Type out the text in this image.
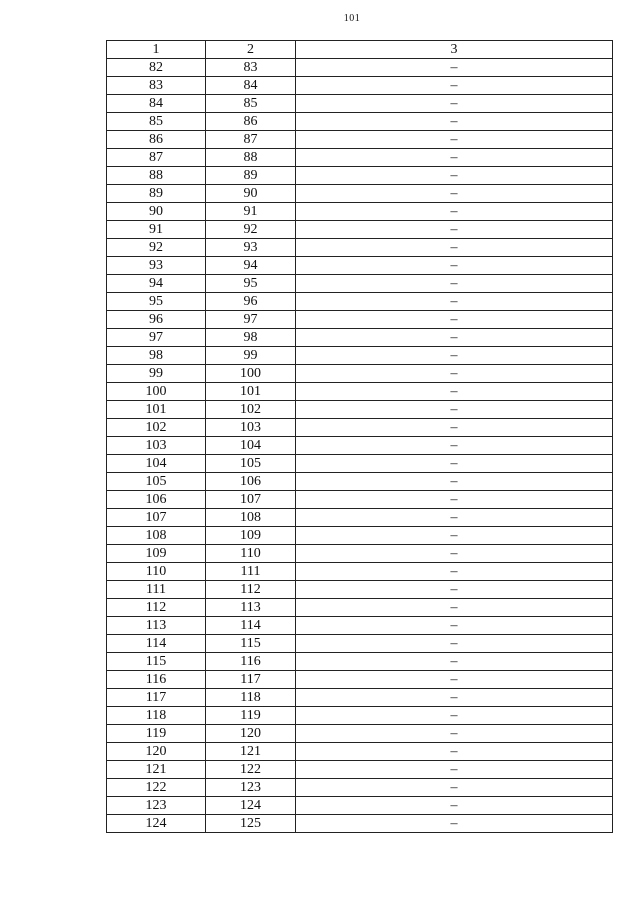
101
1	2	3
82	83	–
83	84	–
84	85	–
85	86	–
86	87	–
87	88	–
88	89	–
89	90	–
90	91	–
91	92	–
92	93	–
93	94	–
94	95	–
95	96	–
96	97	–
97	98	–
98	99	–
99	100	–
100	101	–
101	102	–
102	103	–
103	104	–
104	105	–
105	106	–
106	107	–
107	108	–
108	109	–
109	110	–
110	111	–
111	112	–
112	113	–
113	114	–
114	115	–
115	116	–
116	117	–
117	118	–
118	119	–
119	120	–
120	121	–
121	122	–
122	123	–
123	124	–
124	125	–
